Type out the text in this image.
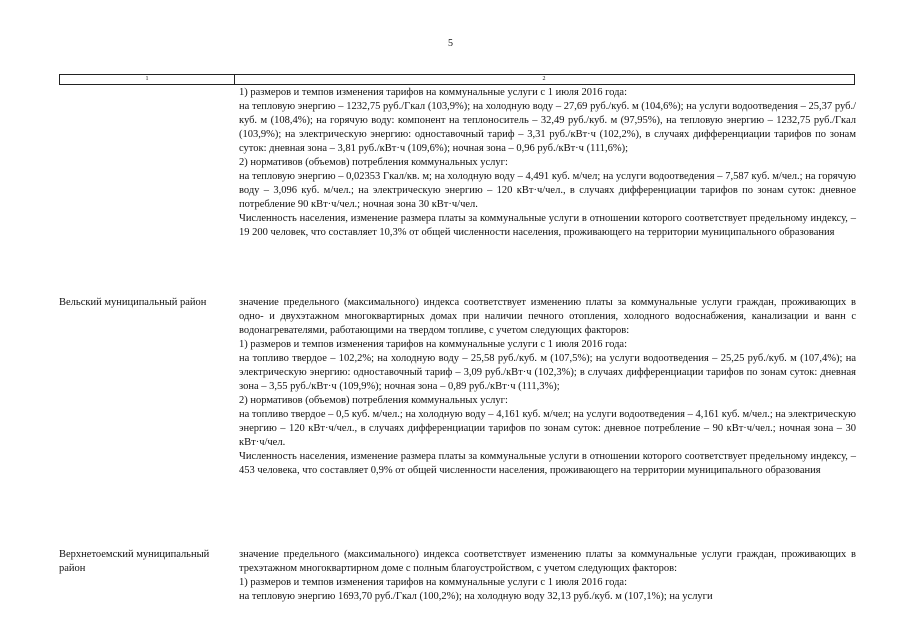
5
1	2

1) размеров и темпов изменения тарифов на коммунальные услуги с 1 июля 2016 года:

на тепловую энергию – 1232,75 руб./Гкал (103,9%); на холодную воду – 27,69 руб./куб. м (104,6%); на услуги водоотведения – 25,37 руб./куб. м (108,4%); на горячую воду: компонент на теплоноситель – 32,49 руб./куб. м (97,95%), на тепловую энергию – 1232,75 руб./Гкал (103,9%); на электрическую энергию: одноставочный тариф – 3,31 руб./кВт·ч (102,2%), в случаях дифференциации тарифов по зонам суток: дневная зона – 3,81 руб./кВт·ч (109,6%); ночная зона – 0,96 руб./кВт·ч (111,6%);

2) нормативов (объемов) потребления коммунальных услуг:

на тепловую энергию – 0,02353 Гкал/кв. м; на холодную воду – 4,491 куб. м/чел; на услуги водоотведения – 7,587 куб. м/чел.; на горячую воду – 3,096 куб. м/чел.; на электрическую энергию – 120 кВт·ч/чел., в случаях дифференциации тарифов по зонам суток: дневное потребление 90 кВт·ч/чел.; ночная зона 30 кВт·ч/чел.

Численность населения, изменение размера платы за коммунальные услуги в отношении которого соответствует предельному индексу, – 19 200 человек, что составляет 10,3% от общей численности населения, проживающего на территории муниципального образования

Вельский муниципальный район	значение предельного (максимального) индекса соответствует изменению платы за коммунальные услуги граждан, проживающих в одно- и двухэтажном многоквартирных домах при наличии печного отопления, холодного водоснабжения, канализации и ванн с водонагревателями, работающими на твердом топливе, с учетом следующих факторов:

1) размеров и темпов изменения тарифов на коммунальные услуги с 1 июля 2016 года:

на топливо твердое – 102,2%; на холодную воду – 25,58 руб./куб. м (107,5%); на услуги водоотведения – 25,25 руб./куб. м (107,4%); на электрическую энергию: одноставочный тариф – 3,09 руб./кВт·ч (102,3%); в случаях дифференциации тарифов по зонам суток: дневная зона – 3,55 руб./кВт·ч (109,9%); ночная зона – 0,89 руб./кВт·ч (111,3%);

2) нормативов (объемов) потребления коммунальных услуг:

на топливо твердое – 0,5 куб. м/чел.; на холодную воду – 4,161 куб. м/чел; на услуги водоотведения – 4,161 куб. м/чел.; на электрическую энергию – 120 кВт·ч/чел., в случаях дифференциации тарифов по зонам суток: дневное потребление – 90 кВт·ч/чел.; ночная зона – 30 кВт·ч/чел.

Численность населения, изменение размера платы за коммунальные услуги в отношении которого соответствует предельному индексу, – 453 человека, что составляет 0,9% от общей численности населения, проживающего на территории муниципального образования

Верхнетоемский муниципальный район

значение предельного (максимального) индекса соответствует изменению платы за коммунальные услуги граждан, проживающих в трехэтажном многоквартирном доме с полным благоустройством, с учетом следующих факторов:

1) размеров и темпов изменения тарифов на коммунальные услуги с 1 июля 2016 года:

на тепловую энергию 1693,70 руб./Гкал (100,2%); на холодную воду 32,13 руб./куб. м (107,1%); на услуги
